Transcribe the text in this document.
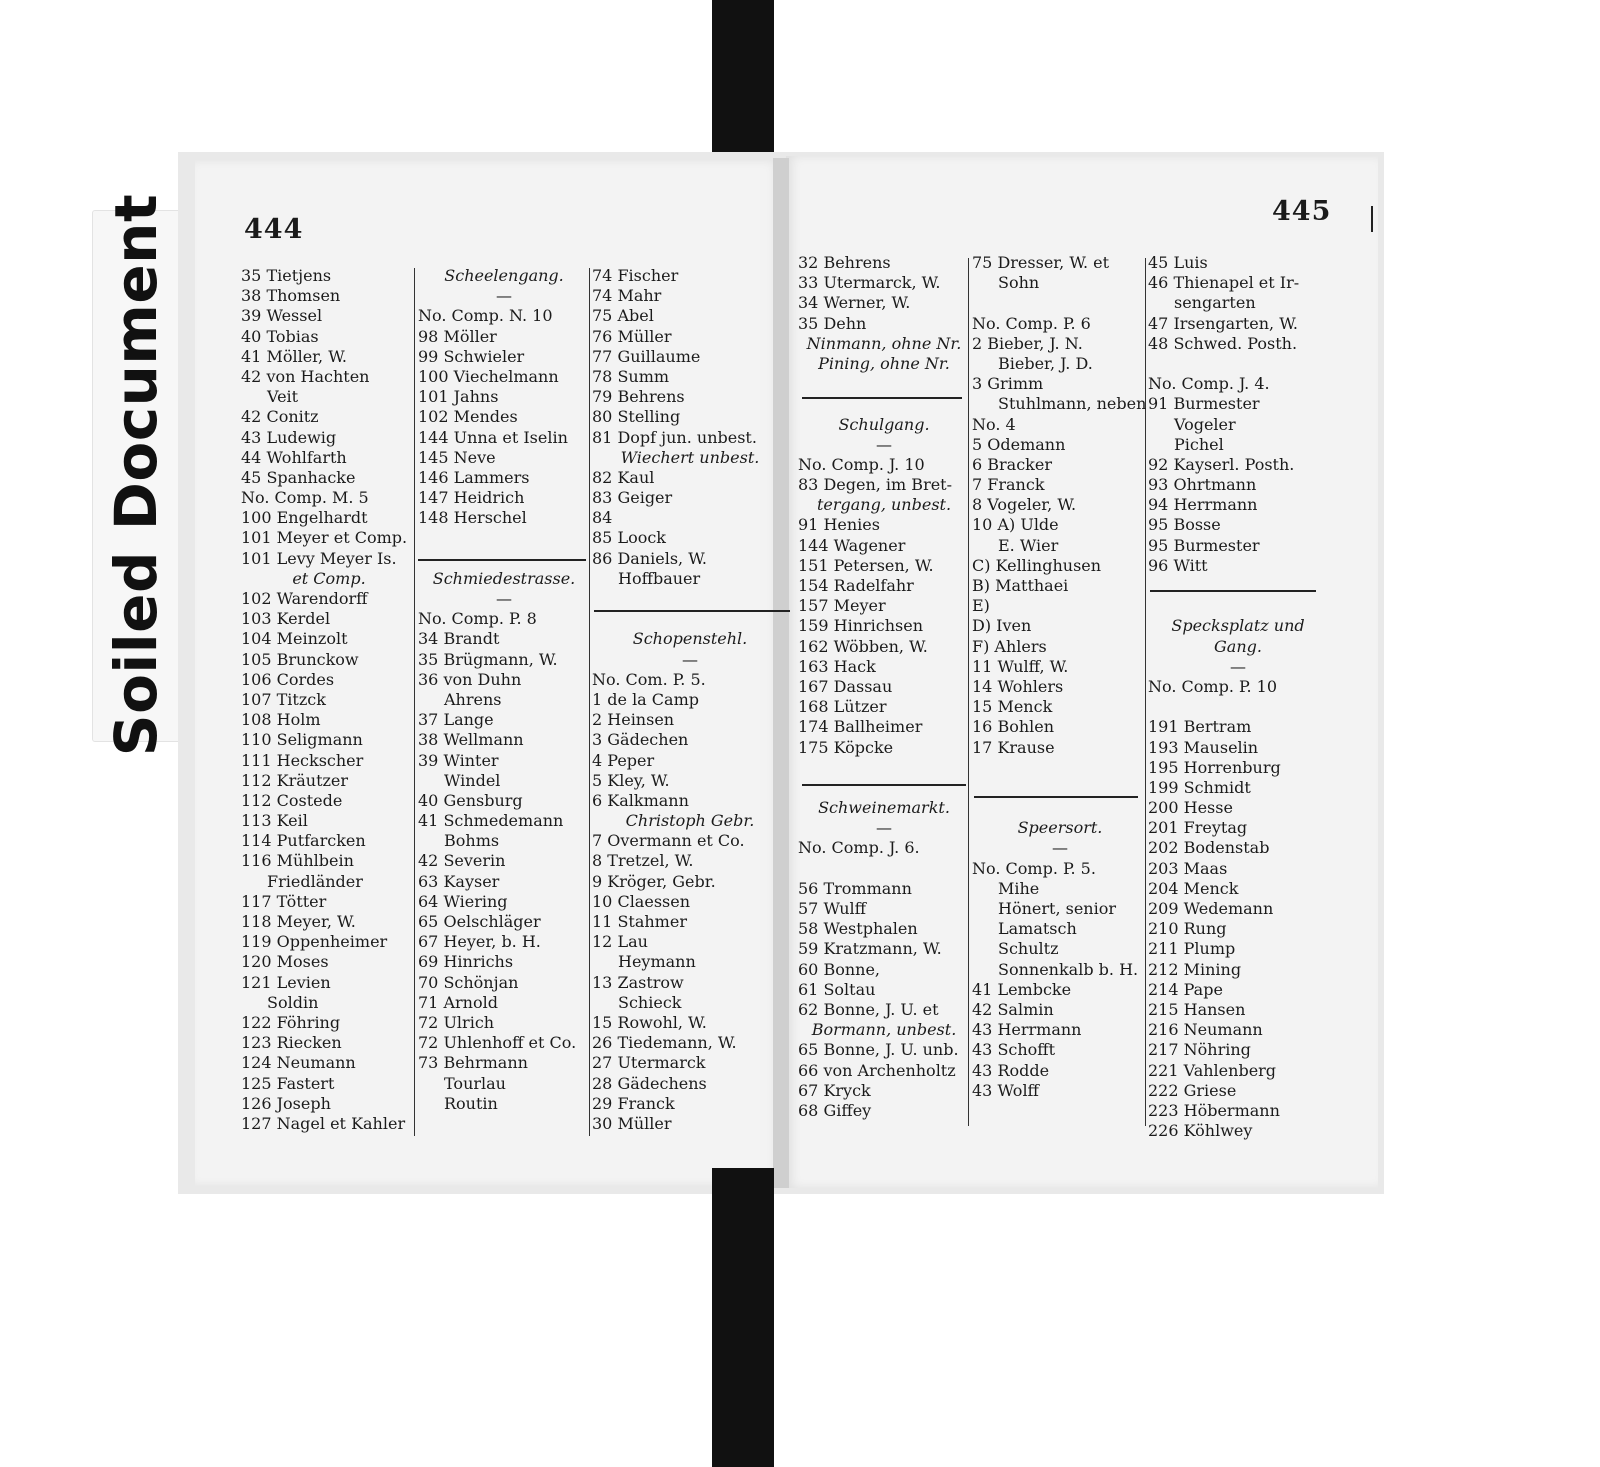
Soiled Document	444
445
35 Tietjens
38 Thomsen
39 Wessel
40 Tobias
41 Möller, W.
42 von Hachten
Veit
42 Conitz
43 Ludewig
44 Wohlfarth
45 Spanhacke
No. Comp. M. 5
100 Engelhardt
101 Meyer et Comp.
101 Levy Meyer Is.
et Comp.
102 Warendorff
103 Kerdel
104 Meinzolt
105 Brunckow
106 Cordes
107 Titzck
108 Holm
110 Seligmann
111 Heckscher
112 Kräutzer
112 Costede
113 Keil
114 Putfarcken
116 Mühlbein
Friedländer
117 Tötter
118 Meyer, W.
119 Oppenheimer
120 Moses
121 Levien
Soldin
122 Föhring
123 Riecken
124 Neumann
125 Fastert
126 Joseph
127 Nagel et Kahler
Scheelengang.
—
No. Comp. N. 10
98 Möller
99 Schwieler
100 Viechelmann
101 Jahns
102 Mendes
144 Unna et Iselin
145 Neve
146 Lammers
147 Heidrich
148 Herschel
Schmiedestrasse.
—
No. Comp. P. 8
34 Brandt
35 Brügmann, W.
36 von Duhn
Ahrens
37 Lange
38 Wellmann
39 Winter
Windel
40 Gensburg
41 Schmedemann
Bohms
42 Severin
63 Kayser
64 Wiering
65 Oelschläger
67 Heyer, b. H.
69 Hinrichs
70 Schönjan
71 Arnold
72 Ulrich
72 Uhlenhoff et Co.
73 Behrmann
Tourlau
Routin
74 Fischer
74 Mahr
75 Abel
76 Müller
77 Guillaume
78 Summ
79 Behrens
80 Stelling
81 Dopf jun. unbest.
Wiechert unbest.
82 Kaul
83 Geiger
84
85 Loock
86 Daniels, W.
Hoffbauer
Schopenstehl.
—
No. Com. P. 5.
1 de la Camp
2 Heinsen
3 Gädechen
4 Peper
5 Kley, W.
6 Kalkmann
Christoph Gebr.
7 Overmann et Co.
8 Tretzel, W.
9 Kröger, Gebr.
10 Claessen
11 Stahmer
12 Lau
Heymann
13 Zastrow
Schieck
15 Rowohl, W.
26 Tiedemann, W.
27 Utermarck
28 Gädechens
29 Franck
30 Müller
32 Behrens
33 Utermarck, W.
34 Werner, W.
35 Dehn
Ninmann, ohne Nr.
Pining, ohne Nr.
Schulgang.
—
No. Comp. J. 10
83 Degen, im Bret-
tergang, unbest.
91 Henies
144 Wagener
151 Petersen, W.
154 Radelfahr
157 Meyer
159 Hinrichsen
162 Wöbben, W.
163 Hack
167 Dassau
168 Lützer
174 Ballheimer
175 Köpcke
Schweinemarkt.
—
No. Comp. J. 6.
56 Trommann
57 Wulff
58 Westphalen
59 Kratzmann, W.
60 Bonne,
61 Soltau
62 Bonne, J. U. et
Bormann, unbest.
65 Bonne, J. U. unb.
66 von Archenholtz
67 Kryck
68 Giffey
75 Dresser, W. et
Sohn
No. Comp. P. 6
2 Bieber, J. N.
Bieber, J. D.
3 Grimm
Stuhlmann, neben
No. 4
5 Odemann
6 Bracker
7 Franck
8 Vogeler, W.
10 A) Ulde
E. Wier
C) Kellinghusen
B) Matthaei
E)
D) Iven
F) Ahlers
11 Wulff, W.
14 Wohlers
15 Menck
16 Bohlen
17 Krause
Speersort.
—
No. Comp. P. 5.
Mihe
Hönert, senior
Lamatsch
Schultz
Sonnenkalb b. H.
41 Lembcke
42 Salmin
43 Herrmann
43 Schofft
43 Rodde
43 Wolff
45 Luis
46 Thienapel et Ir-
sengarten
47 Irsengarten, W.
48 Schwed. Posth.
No. Comp. J. 4.
91 Burmester
Vogeler
Pichel
92 Kayserl. Posth.
93 Ohrtmann
94 Herrmann
95 Bosse
95 Burmester
96 Witt
Specksplatz und
Gang.
—
No. Comp. P. 10
191 Bertram
193 Mauselin
195 Horrenburg
199 Schmidt
200 Hesse
201 Freytag
202 Bodenstab
203 Maas
204 Menck
209 Wedemann
210 Rung
211 Plump
212 Mining
214 Pape
215 Hansen
216 Neumann
217 Nöhring
221 Vahlenberg
222 Griese
223 Höbermann
226 Köhlwey
